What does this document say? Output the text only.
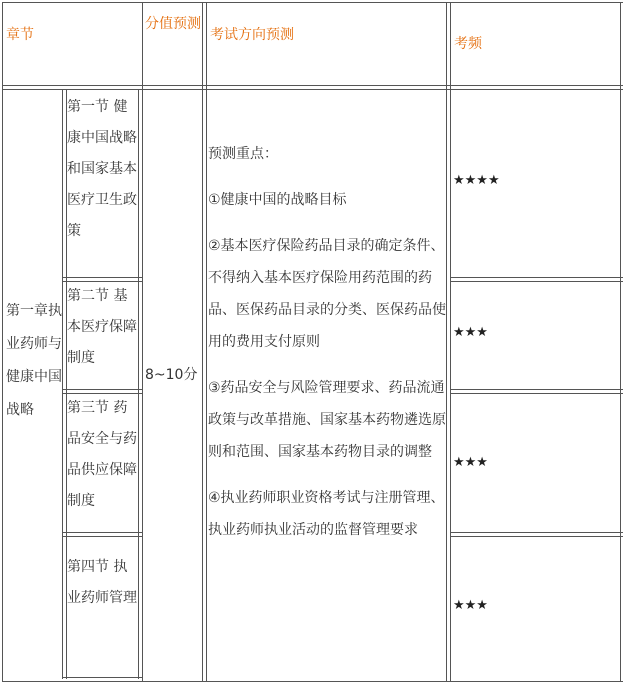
章节
分值预测
考试方向预测
考频
第一章执业药师与健康中国战略
第一节 健康中国战略和国家基本医疗卫生政策
第二节 基本医疗保障制度
第三节 药品安全与药品供应保障制度
第四节 执业药师管理
8~10分
预测重点：
①健康中国的战略目标
②基本医疗保险药品目录的确定条件、不得纳入基本医疗保险用药范围的药品、医保药品目录的分类、医保药品使用的费用支付原则
③药品安全与风险管理要求、药品流通政策与改革措施、国家基本药物遴选原则和范围、国家基本药物目录的调整
④执业药师职业资格考试与注册管理、执业药师执业活动的监督管理要求
★★★★
★★★
★★★
★★★
